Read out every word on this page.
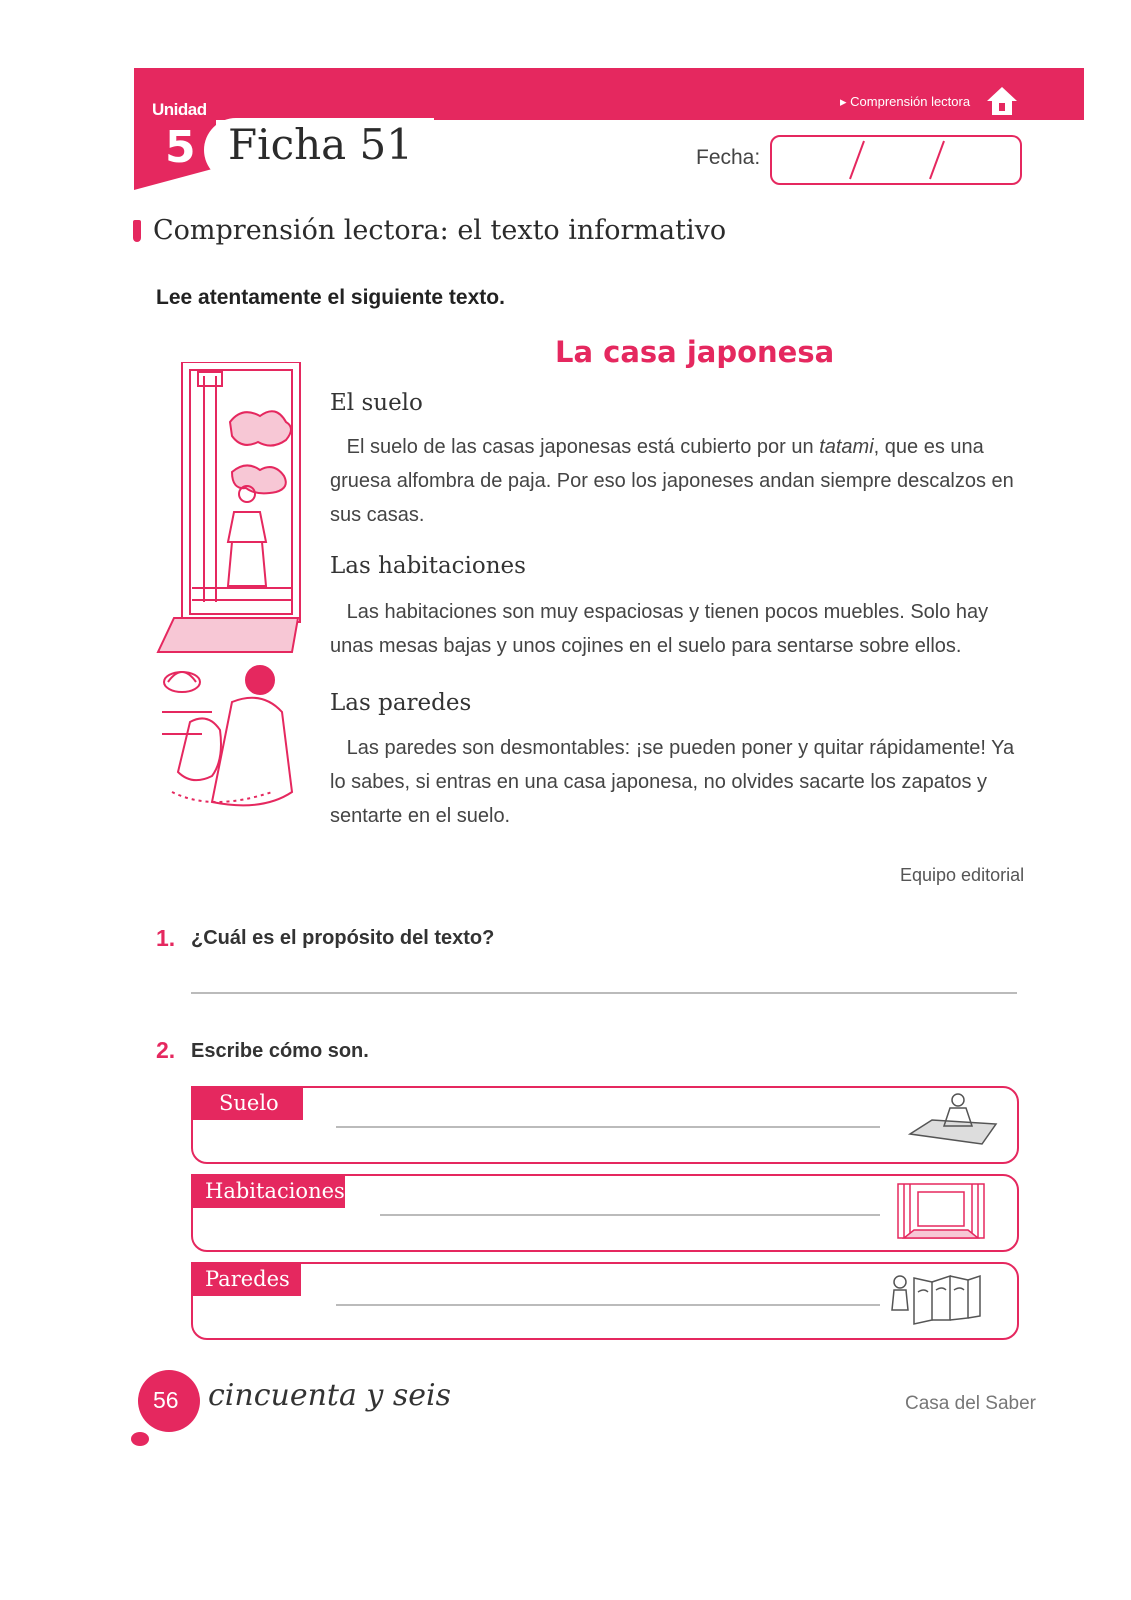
Unidad
5 Ficha 51
▸ Comprensión lectora
Fecha:
Comprensión lectora: el texto informativo
Lee atentamente el siguiente texto.
La casa japonesa
El suelo
El suelo de las casas japonesas está cubierto por un tatami, que es una gruesa alfombra de paja. Por eso los japoneses andan siempre descalzos en sus casas.
Las habitaciones
Las habitaciones son muy espaciosas y tienen pocos muebles. Solo hay unas mesas bajas y unos cojines en el suelo para sentarse sobre ellos.
Las paredes
Las paredes son desmontables: ¡se pueden poner y quitar rápidamente! Ya lo sabes, si entras en una casa japonesa, no olvides sacarte los zapatos y sentarte en el suelo.
Equipo editorial
1. ¿Cuál es el propósito del texto?
2. Escribe cómo son.
Suelo
Habitaciones
Paredes
56 cincuenta y seis	Casa del Saber
